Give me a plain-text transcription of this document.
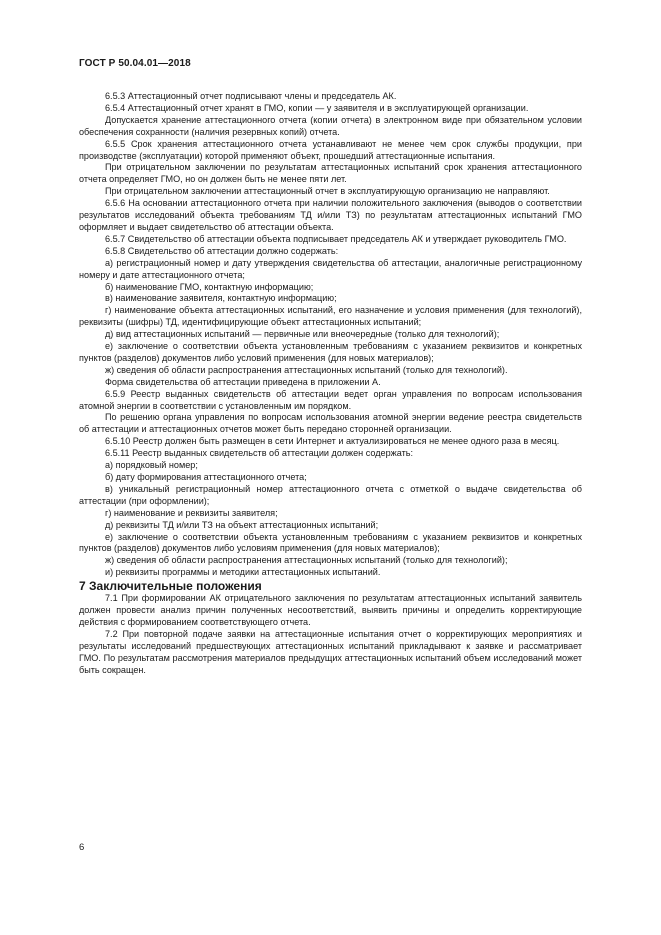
ГОСТ Р 50.04.01—2018

6.5.3 Аттестационный отчет подписывают члены и председатель АК.

6.5.4 Аттестационный отчет хранят в ГМО, копии — у заявителя и в эксплуатирующей организации.

Допускается хранение аттестационного отчета (копии отчета) в электронном виде при обязательном условии обеспечения сохранности (наличия резервных копий) отчета.

6.5.5 Срок хранения аттестационного отчета устанавливают не менее чем срок службы продукции, при производстве (эксплуатации) которой применяют объект, прошедший аттестационные испытания.

При отрицательном заключении по результатам аттестационных испытаний срок хранения аттестационного отчета определяет ГМО, но он должен быть не менее пяти лет.

При отрицательном заключении аттестационный отчет в эксплуатирующую организацию не направляют.

6.5.6 На основании аттестационного отчета при наличии положительного заключения (выводов о соответствии результатов исследований объекта требованиям ТД и/или ТЗ) по результатам аттестационных испытаний ГМО оформляет и выдает свидетельство об аттестации объекта.

6.5.7 Свидетельство об аттестации объекта подписывает председатель АК и утверждает руководитель ГМО.

6.5.8 Свидетельство об аттестации должно содержать:

а) регистрационный номер и дату утверждения свидетельства об аттестации, аналогичные регистрационному номеру и дате аттестационного отчета;

б) наименование ГМО, контактную информацию;

в) наименование заявителя, контактную информацию;

г) наименование объекта аттестационных испытаний, его назначение и условия применения (для технологий), реквизиты (шифры) ТД, идентифицирующие объект аттестационных испытаний;

д) вид аттестационных испытаний — первичные или внеочередные (только для технологий);

е) заключение о соответствии объекта установленным требованиям с указанием реквизитов и конкретных пунктов (разделов) документов либо условий применения (для новых материалов);

ж) сведения об области распространения аттестационных испытаний (только для технологий).

Форма свидетельства об аттестации приведена в приложении А.

6.5.9 Реестр выданных свидетельств об аттестации ведет орган управления по вопросам использования атомной энергии в соответствии с установленным им порядком.

По решению органа управления по вопросам использования атомной энергии ведение реестра свидетельств об аттестации и аттестационных отчетов может быть передано сторонней организации.

6.5.10 Реестр должен быть размещен в сети Интернет и актуализироваться не менее одного раза в месяц.

6.5.11 Реестр выданных свидетельств об аттестации должен содержать:

а) порядковый номер;

б) дату формирования аттестационного отчета;

в) уникальный регистрационный номер аттестационного отчета с отметкой о выдаче свидетельства об аттестации (при оформлении);

г) наименование и реквизиты заявителя;

д) реквизиты ТД и/или ТЗ на объект аттестационных испытаний;

е) заключение о соответствии объекта установленным требованиям с указанием реквизитов и конкретных пунктов (разделов) документов либо условиям применения (для новых материалов);

ж) сведения об области распространения аттестационных испытаний (только для технологий);

и) реквизиты программы и методики аттестационных испытаний.

7 Заключительные положения

7.1 При формировании АК отрицательного заключения по результатам аттестационных испытаний заявитель должен провести анализ причин полученных несоответствий, выявить причины и определить корректирующие действия с формированием соответствующего отчета.

7.2 При повторной подаче заявки на аттестационные испытания отчет о корректирующих мероприятиях и результаты исследований предшествующих аттестационных испытаний прикладывают к заявке и рассматривает ГМО. По результатам рассмотрения материалов предыдущих аттестационных испытаний объем исследований может быть сокращен.

6
